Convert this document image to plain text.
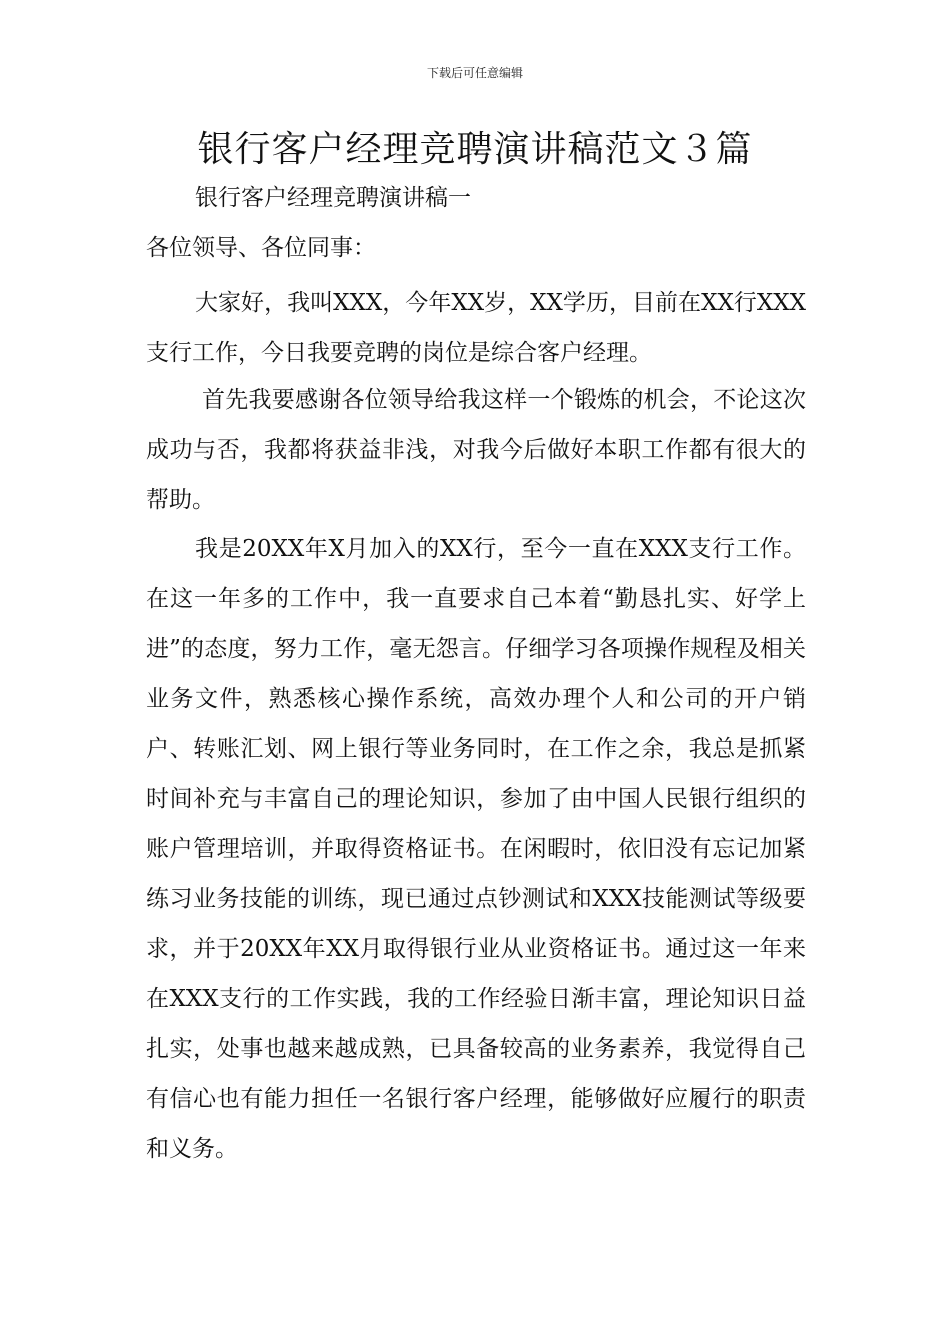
下载后可任意编辑
银行客户经理竞聘演讲稿范文３篇
银行客户经理竞聘演讲稿一
各位领导、各位同事：

大家好，我叫XXX，今年XX岁，XX学历，目前在XX行XXX支行工作，今日我要竞聘的岗位是综合客户经理。

首先我要感谢各位领导给我这样一个锻炼的机会，不论这次成功与否，我都将获益非浅，对我今后做好本职工作都有很大的帮助。

我是20XX年X月加入的XX行，至今一直在XXX支行工作。在这一年多的工作中，我一直要求自己本着“勤恳扎实、好学上进”的态度，努力工作，毫无怨言。仔细学习各项操作规程及相关业务文件，熟悉核心操作系统，高效办理个人和公司的开户销户、转账汇划、网上银行等业务同时，在工作之余，我总是抓紧时间补充与丰富自己的理论知识，参加了由中国人民银行组织的账户管理培训，并取得资格证书。在闲暇时，依旧没有忘记加紧练习业务技能的训练，现已通过点钞测试和XXX技能测试等级要求，并于20XX年XX月取得银行业从业资格证书。通过这一年来在XXX支行的工作实践，我的工作经验日渐丰富，理论知识日益扎实，处事也越来越成熟，已具备较高的业务素养，我觉得自己有信心也有能力担任一名银行客户经理，能够做好应履行的职责和义务。
